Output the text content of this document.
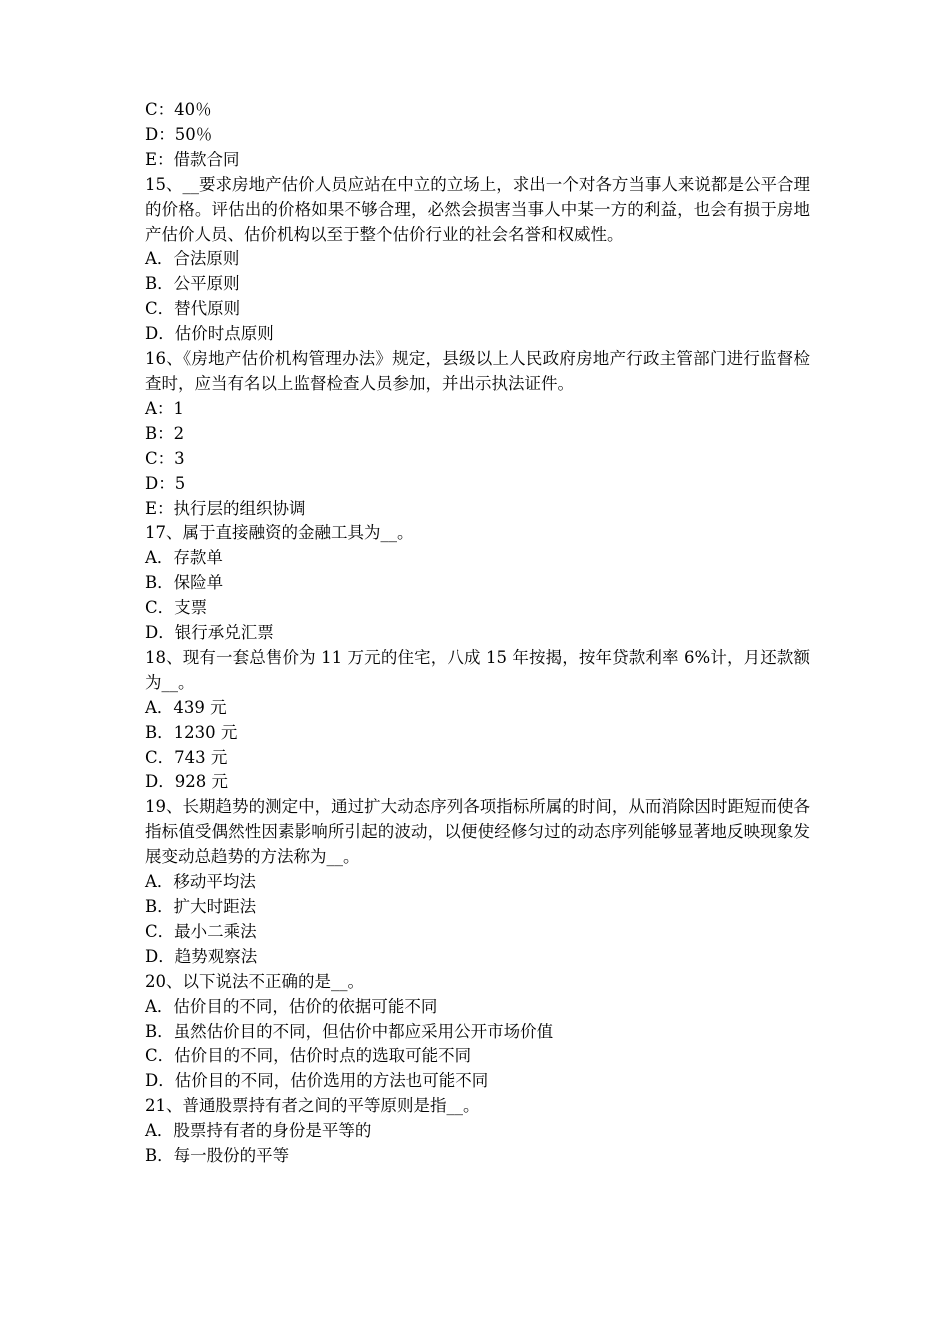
C：40％

D：50％

E：借款合同

15、__要求房地产估价人员应站在中立的立场上，求出一个对各方当事人来说都是公平合理的价格。评估出的价格如果不够合理，必然会损害当事人中某一方的利益，也会有损于房地产估价人员、估价机构以至于整个估价行业的社会名誉和权威性。

A．合法原则

B．公平原则

C．替代原则

D．估价时点原则

16、《房地产估价机构管理办法》规定，县级以上人民政府房地产行政主管部门进行监督检查时，应当有名以上监督检查人员参加，并出示执法证件。

A：1

B：2

C：3

D：5

E：执行层的组织协调

17、属于直接融资的金融工具为__。

A．存款单

B．保险单

C．支票

D．银行承兑汇票

18、现有一套总售价为 11 万元的住宅，八成 15 年按揭，按年贷款利率 6%计，月还款额为__。

A．439 元

B．1230 元

C．743 元

D．928 元

19、长期趋势的测定中，通过扩大动态序列各项指标所属的时间，从而消除因时距短而使各指标值受偶然性因素影响所引起的波动，以便使经修匀过的动态序列能够显著地反映现象发展变动总趋势的方法称为__。

A．移动平均法

B．扩大时距法

C．最小二乘法

D．趋势观察法

20、以下说法不正确的是__。

A．估价目的不同，估价的依据可能不同

B．虽然估价目的不同，但估价中都应采用公开市场价值

C．估价目的不同，估价时点的选取可能不同

D．估价目的不同，估价选用的方法也可能不同

21、普通股票持有者之间的平等原则是指__。

A．股票持有者的身份是平等的

B．每一股份的平等
